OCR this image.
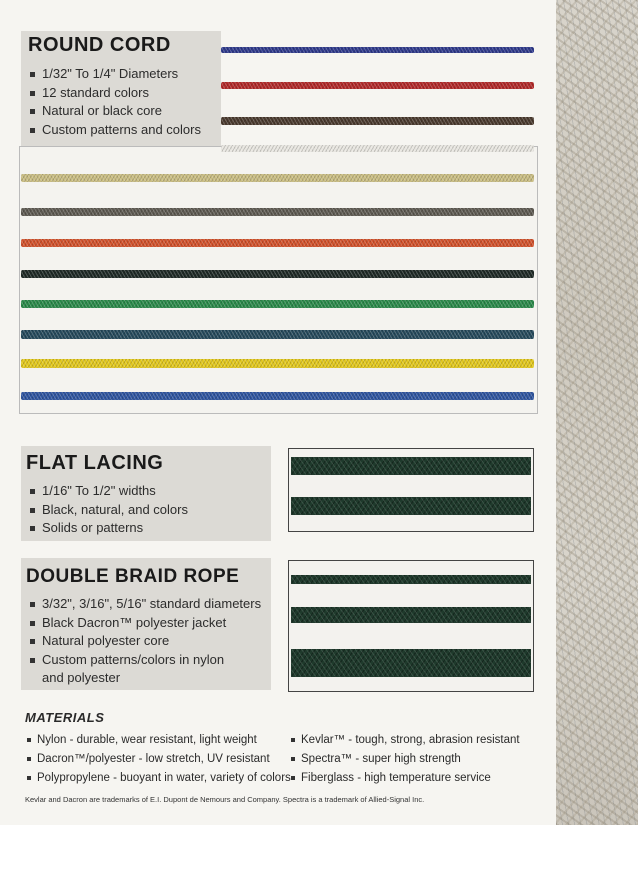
ROUND CORD
1/32" To 1/4" Diameters
12 standard colors
Natural or black core
Custom patterns and colors
FLAT LACING
1/16" To 1/2" widths
Black, natural, and colors
Solids or patterns
DOUBLE BRAID ROPE
3/32", 3/16", 5/16" standard diameters
Black Dacron™ polyester jacket
Natural polyester core
Custom patterns/colors in nylon
and polyester
MATERIALS
Nylon - durable, wear resistant, light weight
Dacron™/polyester - low stretch, UV resistant
Polypropylene - buoyant in water, variety of colors
Kevlar™ - tough, strong, abrasion resistant
Spectra™ - super high strength
Fiberglass - high temperature service
Kevlar and Dacron are trademarks of E.I. Dupont de Nemours and Company. Spectra is a trademark of Allied-Signal Inc.
